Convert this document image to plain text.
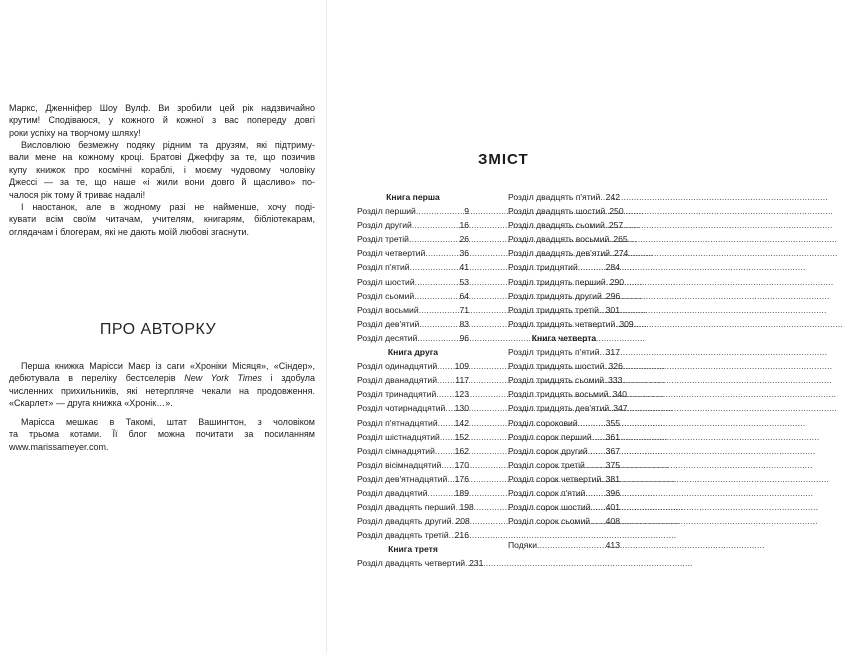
Маркс, Дженніфер Шоу Вулф. Ви зробили цей рік надзвичайно
крутим! Сподіваюся, у кожного й кожної з вас попереду довгі
роки успіху на творчому шляху!
Висловлюю безмежну подяку рідним та друзям, які підтриму-
вали мене на кожному кроці. Братові Джеффу за те, що позичив
купу книжок про космічні кораблі, і моєму чудовому чоловіку
Джессі — за те, що наше «і жили вони довго й щасливо» по-
чалося рік тому й триває надалі!
І наостанок, але в жодному разі не найменше, хочу поді-
кувати всім своїм читачам, учителям, книгарям, бібліотекарам,
оглядачам і блогерам, які не дають моїй любові згаснути.
ПРО АВТОРКУ
Перша книжка Марісси Маєр із саги «Хроніки Місяця», «Сіндер»,
дебютувала в переліку бестселерів New York Times і здобула
численних прихильників, які нетерпляче чекали на продовження.
«Скарлет» — друга книжка «Хронік…».
Марісса мешкає в Такомі, штат Вашингтон, з чоловіком
та трьома котами. Її блог можна почитати за посиланням
www.marissameyer.com.
ЗМІСТ
Книга перша
Розділ перший .....	9
Розділ другий .....	16
Розділ третій .....	26
Розділ четвертий .....	36
Розділ п'ятий .....	41
Розділ шостий .....	53
Розділ сьомий .....	64
Розділ восьмий .....	71
Розділ дев'ятий .....	83
Розділ десятий .....	96
Книга друга
Розділ одинадцятий ..... 109
Розділ дванадцятий ..... 117
Розділ тринадцятий ..... 123
Розділ чотирнадцятий ..... 130
Розділ п'ятнадцятий ..... 142
Розділ шістнадцятий ..... 152
Розділ сімнадцятий ..... 162
Розділ вісімнадцятий ..... 170
Розділ дев'ятнадцятий ..... 176
Розділ двадцятий .....	189
Розділ двадцять перший ..... 198
Розділ двадцять другий ..... 208
Розділ двадцять третій ..... 216
Книга третя
Розділ двадцять четвертий ..... 231
Розділ двадцять п'ятий ..... 242
Розділ двадцять шостий ..... 250
Розділ двадцять сьомий ..... 257
Розділ двадцять восьмий ..... 265
Розділ двадцять дев'ятий ..... 274
Розділ тридцятий .....	284
Розділ тридцять перший ..... 290
Розділ тридцять другий ..... 296
Розділ тридцять третій ..... 301
Розділ тридцять четвертий ..... 309
Книга четверта
Розділ тридцять п'ятий ..... 317
Розділ тридцять шостий ..... 326
Розділ тридцять сьомий ..... 333
Розділ тридцять восьмий ..... 340
Розділ тридцять дев'ятий ..... 347
Розділ сороковий .....	355
Розділ сорок перший ..... 361
Розділ сорок другий ..... 367
Розділ сорок третій ..... 375
Розділ сорок четвертий ..... 381
Розділ сорок п'ятий ..... 396
Розділ сорок шостий ..... 401
Розділ сорок сьомий ..... 408
Подяки .....	413
